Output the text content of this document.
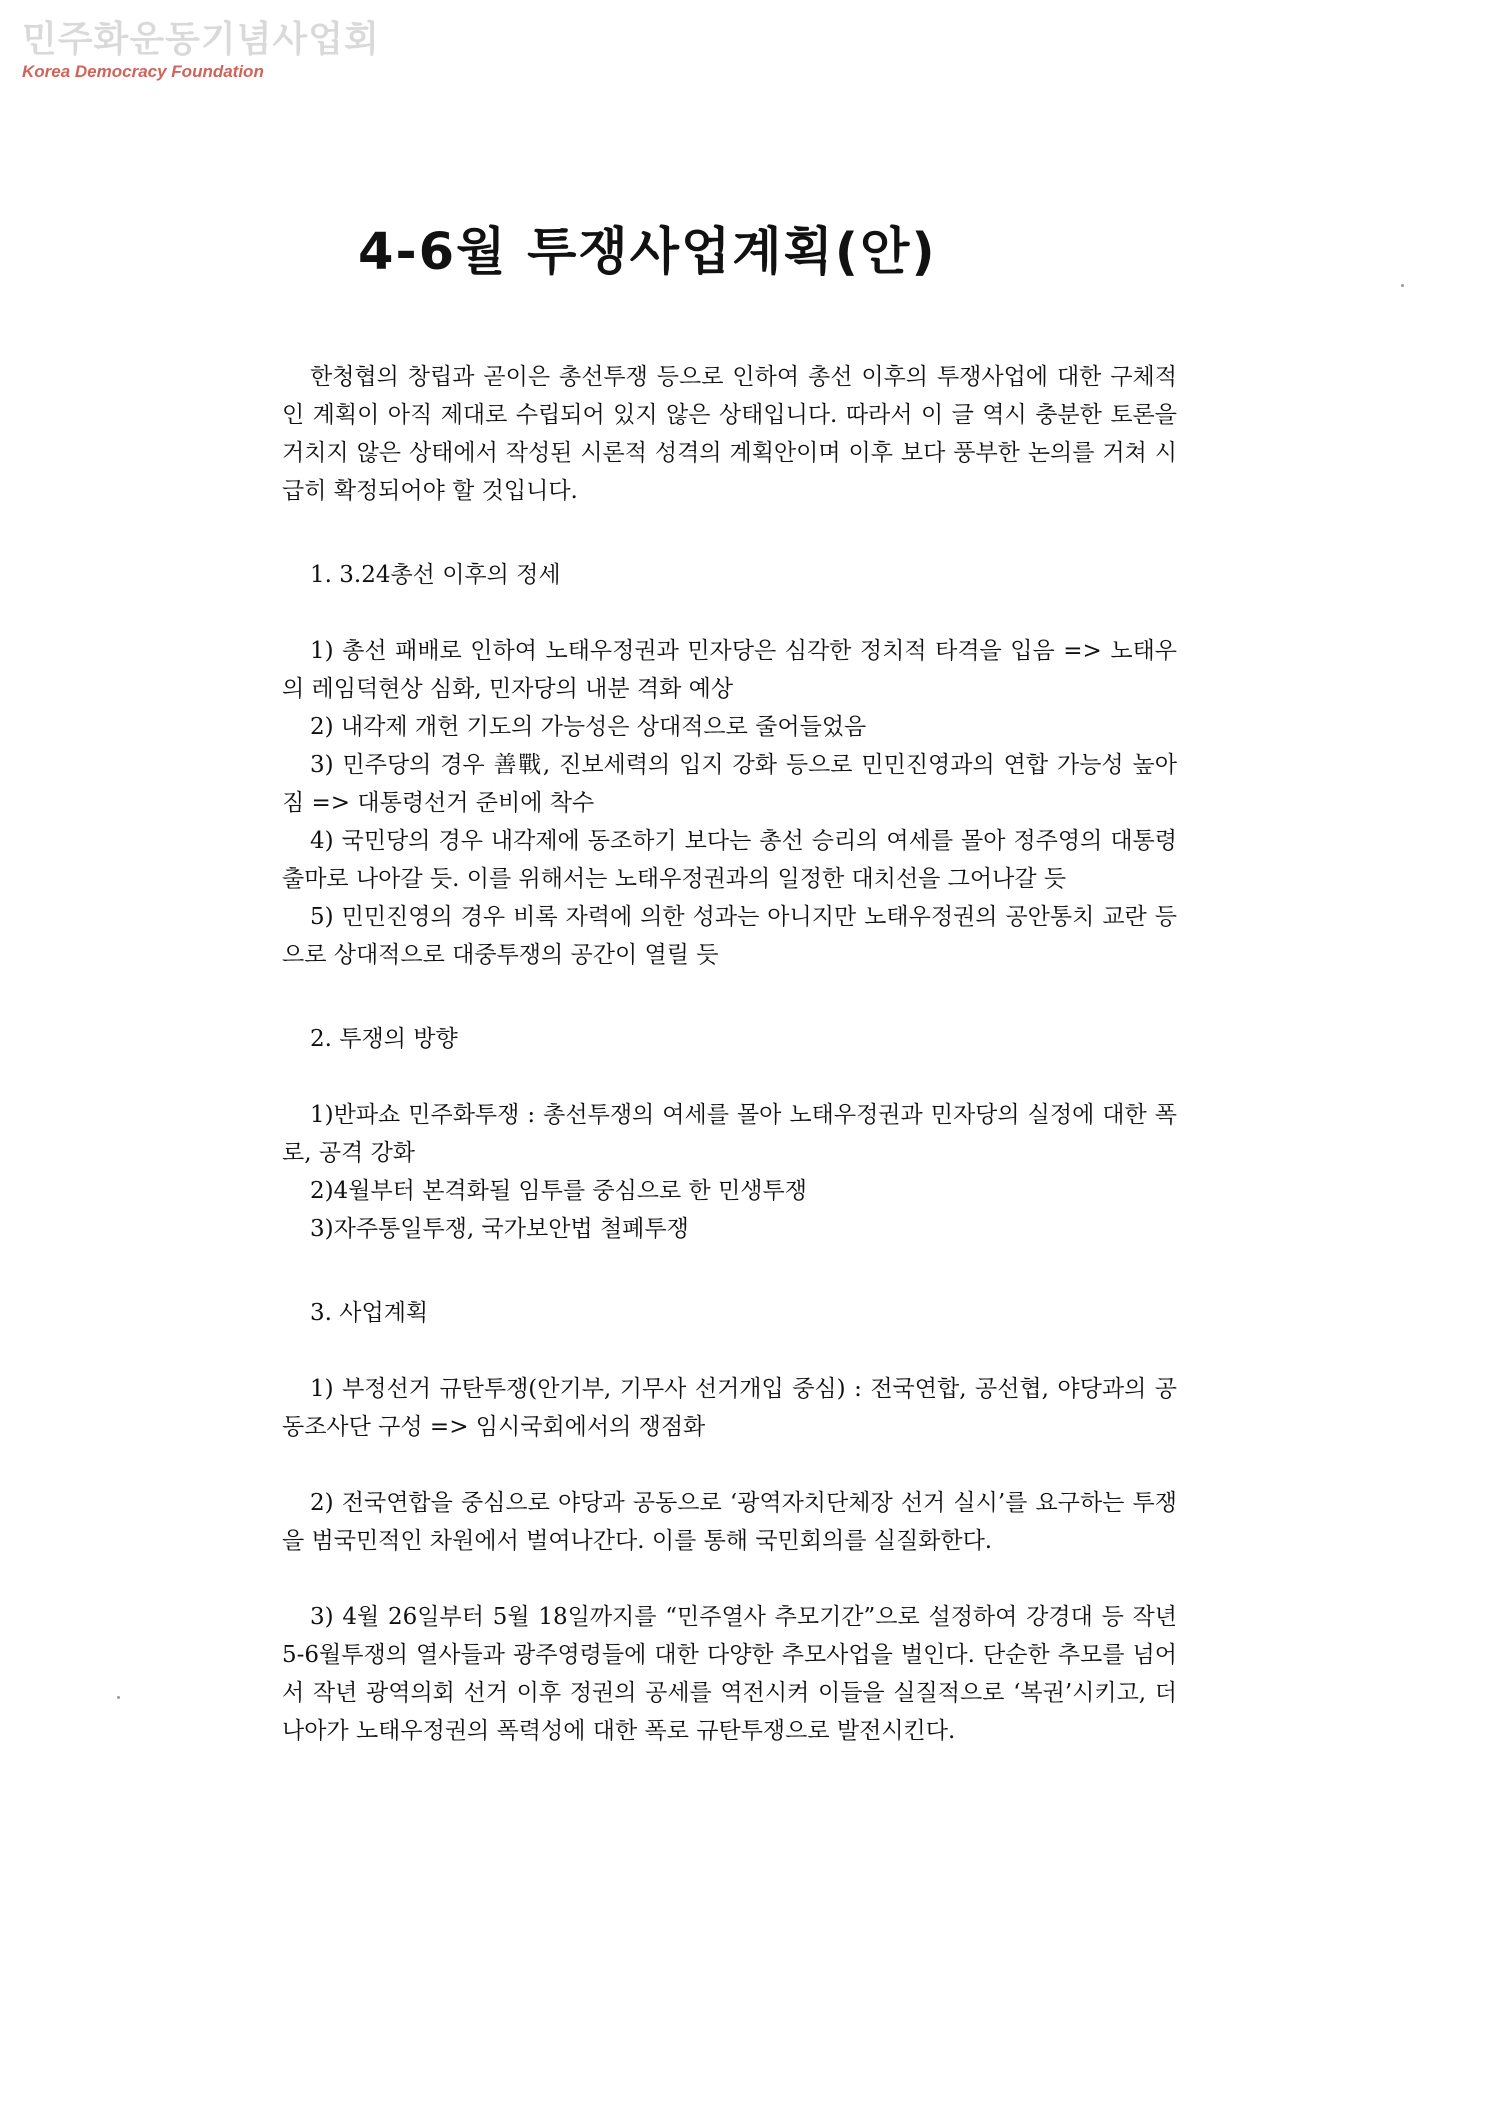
민주화운동기념사업회
Korea Democracy Foundation
4-6월 투쟁사업계획(안)

한청협의 창립과 곧이은 총선투쟁 등으로 인하여 총선 이후의 투쟁사업에 대한 구체적인 계획이 아직 제대로 수립되어 있지 않은 상태입니다. 따라서 이 글 역시 충분한 토론을 거치지 않은 상태에서 작성된 시론적 성격의 계획안이며 이후 보다 풍부한 논의를 거쳐 시급히 확정되어야 할 것입니다.

1. 3.24총선 이후의 정세

1) 총선 패배로 인하여 노태우정권과 민자당은 심각한 정치적 타격을 입음 => 노태우의 레임덕현상 심화, 민자당의 내분 격화 예상

2) 내각제 개헌 기도의 가능성은 상대적으로 줄어들었음

3) 민주당의 경우 善戰, 진보세력의 입지 강화 등으로 민민진영과의 연합 가능성 높아짐 => 대통령선거 준비에 착수

4) 국민당의 경우 내각제에 동조하기 보다는 총선 승리의 여세를 몰아 정주영의 대통령 출마로 나아갈 듯. 이를 위해서는 노태우정권과의 일정한 대치선을 그어나갈 듯

5) 민민진영의 경우 비록 자력에 의한 성과는 아니지만 노태우정권의 공안통치 교란 등으로 상대적으로 대중투쟁의 공간이 열릴 듯

2. 투쟁의 방향

1)반파쇼 민주화투쟁 : 총선투쟁의 여세를 몰아 노태우정권과 민자당의 실정에 대한 폭로, 공격 강화

2)4월부터 본격화될 임투를 중심으로 한 민생투쟁

3)자주통일투쟁, 국가보안법 철폐투쟁

3. 사업계획

1) 부정선거 규탄투쟁(안기부, 기무사 선거개입 중심) : 전국연합, 공선협, 야당과의 공동조사단 구성 => 임시국회에서의 쟁점화

2) 전국연합을 중심으로 야당과 공동으로 ‘광역자치단체장 선거 실시’를 요구하는 투쟁을 범국민적인 차원에서 벌여나간다. 이를 통해 국민회의를 실질화한다.

3) 4월 26일부터 5월 18일까지를 “민주열사 추모기간”으로 설정하여 강경대 등 작년 5-6월투쟁의 열사들과 광주영령들에 대한 다양한 추모사업을 벌인다. 단순한 추모를 넘어서 작년 광역의회 선거 이후 정권의 공세를 역전시켜 이들을 실질적으로 ‘복권’시키고, 더 나아가 노태우정권의 폭력성에 대한 폭로 규탄투쟁으로 발전시킨다.
